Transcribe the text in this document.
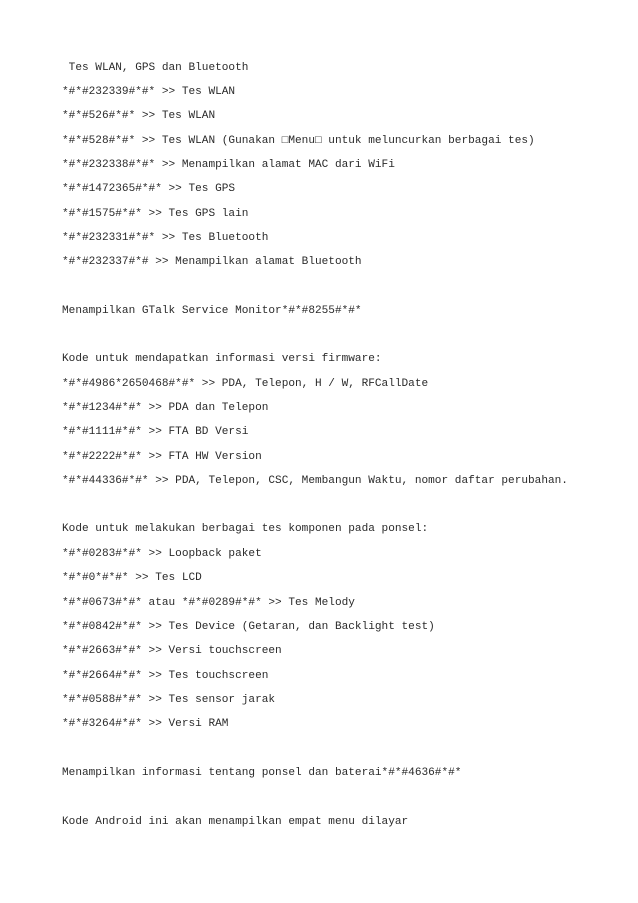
Tes WLAN, GPS dan Bluetooth
*#*#232339#*#* >> Tes WLAN
*#*#526#*#* >> Tes WLAN
*#*#528#*#* >> Tes WLAN (Gunakan □Menu□ untuk meluncurkan berbagai tes)
*#*#232338#*#* >> Menampilkan alamat MAC dari WiFi
*#*#1472365#*#* >> Tes GPS
*#*#1575#*#* >> Tes GPS lain
*#*#232331#*#* >> Tes Bluetooth
*#*#232337#*# >> Menampilkan alamat Bluetooth
Menampilkan GTalk Service Monitor*#*#8255#*#*
Kode untuk mendapatkan informasi versi firmware:
*#*#4986*2650468#*#* >> PDA, Telepon, H / W, RFCallDate
*#*#1234#*#* >> PDA dan Telepon
*#*#1111#*#* >> FTA BD Versi
*#*#2222#*#* >> FTA HW Version
*#*#44336#*#* >> PDA, Telepon, CSC, Membangun Waktu, nomor daftar perubahan.
Kode untuk melakukan berbagai tes komponen pada ponsel:
*#*#0283#*#* >> Loopback paket
*#*#0*#*#* >> Tes LCD
*#*#0673#*#* atau *#*#0289#*#* >> Tes Melody
*#*#0842#*#* >> Tes Device (Getaran, dan Backlight test)
*#*#2663#*#* >> Versi touchscreen
*#*#2664#*#* >> Tes touchscreen
*#*#0588#*#* >> Tes sensor jarak
*#*#3264#*#* >> Versi RAM
Menampilkan informasi tentang ponsel dan baterai*#*#4636#*#*
Kode Android ini akan menampilkan empat menu dilayar
